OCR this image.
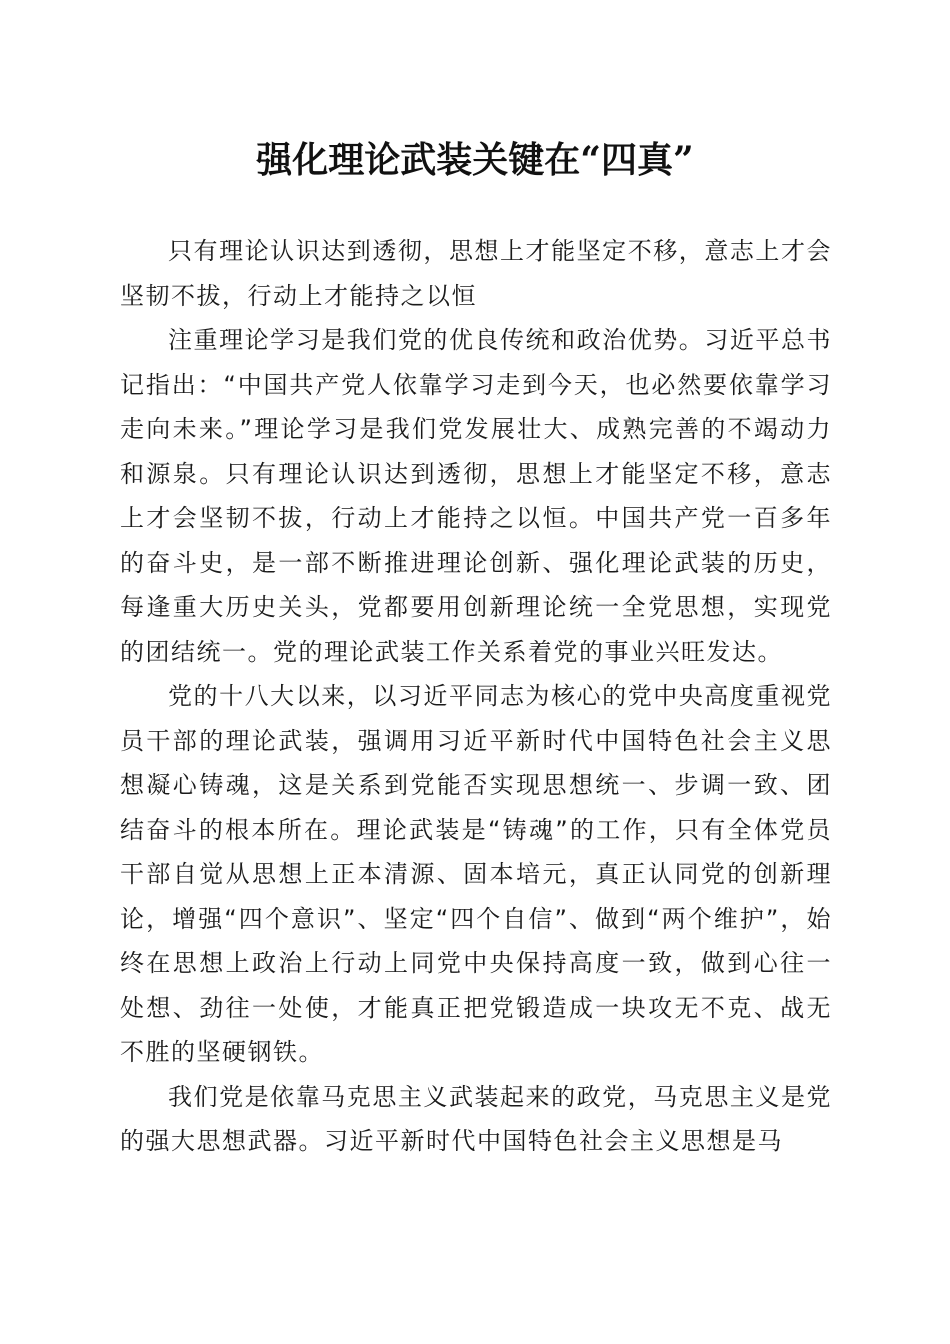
强化理论武装关键在“四真”

只有理论认识达到透彻，思想上才能坚定不移，意志上才会坚韧不拔，行动上才能持之以恒

注重理论学习是我们党的优良传统和政治优势。习近平总书记指出：“中国共产党人依靠学习走到今天，也必然要依靠学习走向未来。”理论学习是我们党发展壮大、成熟完善的不竭动力和源泉。只有理论认识达到透彻，思想上才能坚定不移，意志上才会坚韧不拔，行动上才能持之以恒。中国共产党一百多年的奋斗史，是一部不断推进理论创新、强化理论武装的历史，每逢重大历史关头，党都要用创新理论统一全党思想，实现党的团结统一。党的理论武装工作关系着党的事业兴旺发达。

党的十八大以来，以习近平同志为核心的党中央高度重视党员干部的理论武装，强调用习近平新时代中国特色社会主义思想凝心铸魂，这是关系到党能否实现思想统一、步调一致、团结奋斗的根本所在。理论武装是“铸魂”的工作，只有全体党员干部自觉从思想上正本清源、固本培元，真正认同党的创新理论，增强“四个意识”、坚定“四个自信”、做到“两个维护”，始终在思想上政治上行动上同党中央保持高度一致，做到心往一处想、劲往一处使，才能真正把党锻造成一块攻无不克、战无不胜的坚硬钢铁。

我们党是依靠马克思主义武装起来的政党，马克思主义是党的强大思想武器。习近平新时代中国特色社会主义思想是马
